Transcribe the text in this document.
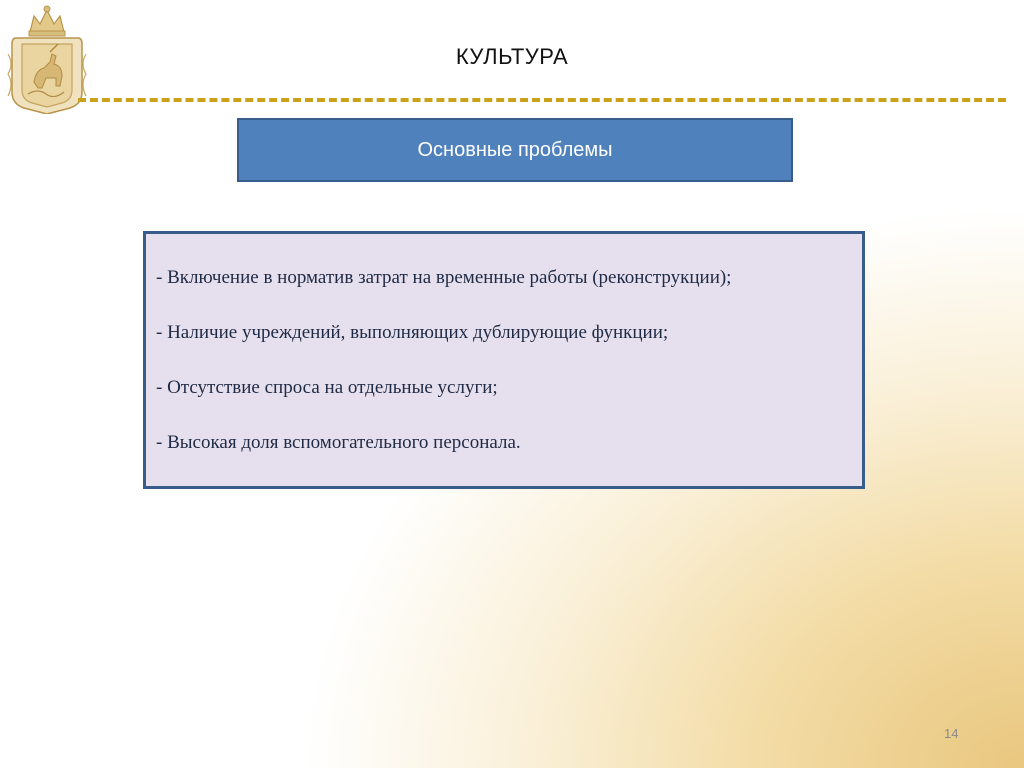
КУЛЬТУРА
Основные проблемы
- Включение в норматив затрат на временные работы (реконструкции);
- Наличие учреждений, выполняющих дублирующие функции;
- Отсутствие спроса на отдельные услуги;
- Высокая доля вспомогательного персонала.
14
